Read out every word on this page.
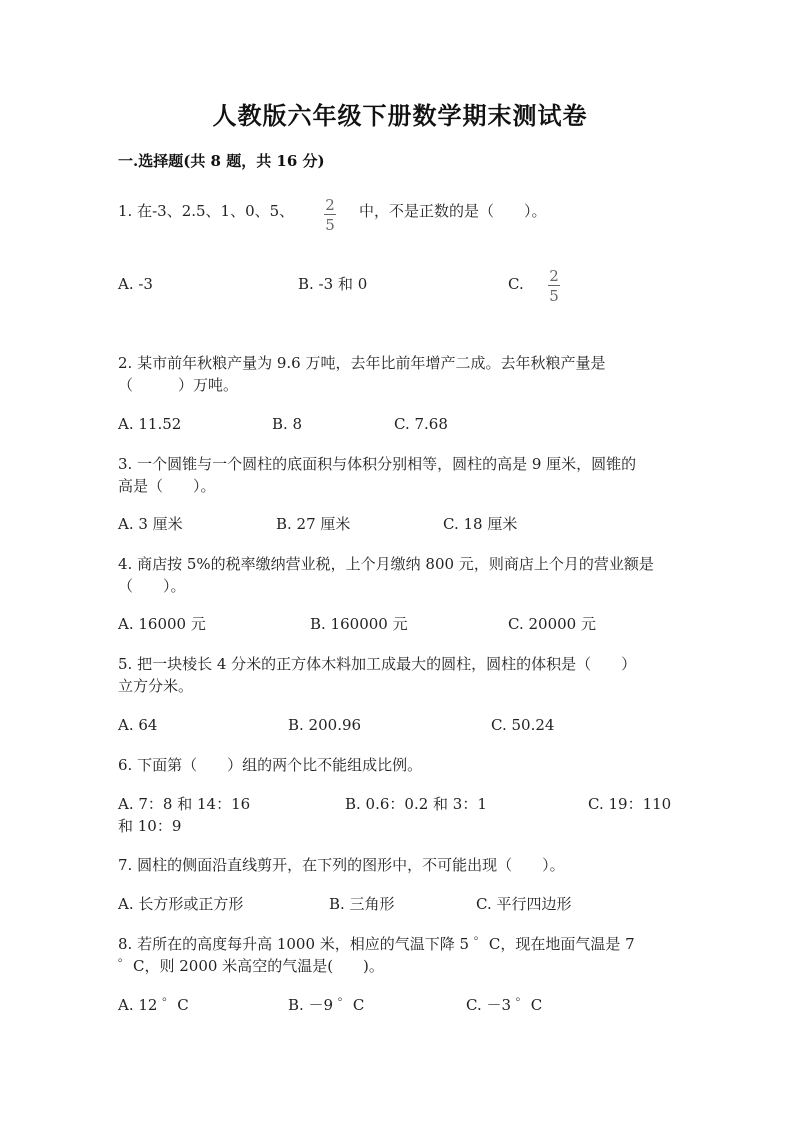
人教版六年级下册数学期末测试卷
一.选择题(共 8 题，共 16 分)
1. 在-3、2.5、1、0、5、 2
5
中，不是正数的是（　　）。
A. -3	B. -3 和 0	C. 2
5
2. 某市前年秋粮产量为 9.6 万吨，去年比前年增产二成。去年秋粮产量是
（　　　）万吨。
A. 11.52	B. 8	C. 7.68
3. 一个圆锥与一个圆柱的底面积与体积分别相等，圆柱的高是 9 厘米，圆锥的
高是（　　）。
A. 3 厘米	B. 27 厘米	C. 18 厘米
4. 商店按 5%的税率缴纳营业税，上个月缴纳 800 元，则商店上个月的营业额是
（　　）。
A. 16000 元	B. 160000 元	C. 20000 元
5. 把一块棱长 4 分米的正方体木料加工成最大的圆柱，圆柱的体积是（　　）
立方分米。
A. 64	B. 200.96	C. 50.24
6. 下面第（　　）组的两个比不能组成比例。
A. 7：8 和 14：16	B. 0.6：0.2 和 3：1	C. 19：110
和 10：9
7. 圆柱的侧面沿直线剪开，在下列的图形中，不可能出现（　　）。
A. 长方形或正方形	B. 三角形	C. 平行四边形
8. 若所在的高度每升高 1000 米，相应的气温下降 5 ゜C，现在地面气温是 7
゜C，则 2000 米高空的气温是(　　)。
A. 12 ゜C	B. －9 ゜C	C. －3 ゜C
